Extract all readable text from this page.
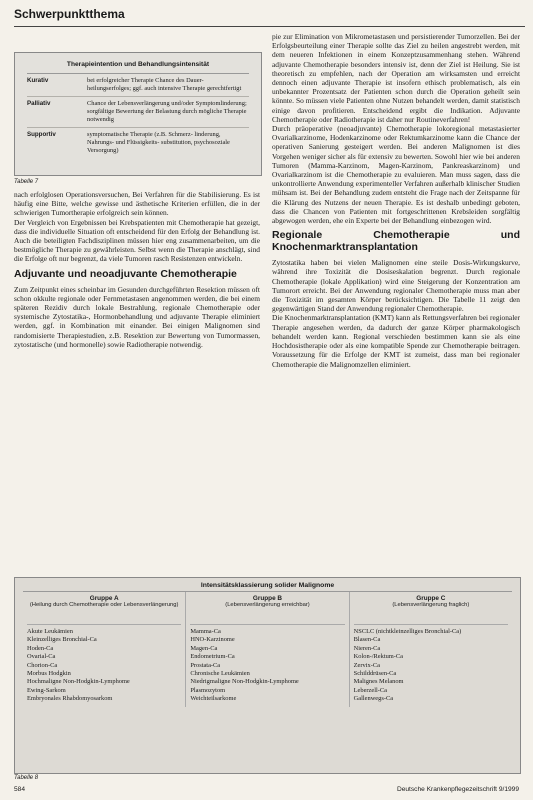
Schwerpunktthema
Therapieintention und Behandlungsintensität
Kurativ	bei erfolgreicher Therapie Chance des Dauer- heilungserfolges; ggf. auch intensive Therapie gerechtfertigt
Palliativ	Chance der Lebensverlängerung und/oder Symptomlinderung; sorgfältige Bewertung der Belastung durch mögliche Therapie notwendig
Supportiv	symptomatische Therapie (z.B. Schmerz- linderung, Nahrungs- und Flüssigkeits- substitution, psychosoziale Versorgung)
Tabelle 7

nach erfolglosen Operationsversuchen, Bei Verfahren für die Stabilisierung. Es ist häufig eine Bitte, welche gewisse und ästhetische Kriterien erfüllen, die in der schwierigen Tumortherapie erfolgreich sein können.

Der Vergleich von Ergebnissen bei Krebspatienten mit Chemotherapie hat gezeigt, dass die individuelle Situation oft entscheidend für den Erfolg der Behandlung ist. Auch die beteiligten Fachdisziplinen müssen hier eng zusammenarbeiten, um die bestmögliche Therapie zu gewährleisten. Selbst wenn die Therapie anschlägt, sind die Erfolge oft nur begrenzt, da viele Tumoren rasch Resistenzen entwickeln.

Adjuvante und neoadjuvante Chemotherapie

Zum Zeitpunkt eines scheinbar im Gesunden durchgeführten Resektion müssen oft schon okkulte regionale oder Fernmetastasen angenommen werden, die bei einem späteren Rezidiv durch lokale Bestrahlung, regionale Chemotherapie oder systemische Zytostatika-, Hormonbehandlung und adjuvante Therapie eliminiert werden, ggf. in Kombination mit einander. Bei einigen Malignomen sind randomisierte Therapiestudien, z.B. Resektion zur Bewertung von Tumormassen, zytostatische (und hormonelle) sowie Radiotherapie notwendig.

pie zur Elimination von Mikrometastasen und persistierender Tumorzellen. Bei der Erfolgsbeurteilung einer Therapie sollte das Ziel zu heilen angestrebt werden, mit dem neueren Infektionen in einem Konzeptzusammenhang stehen. Während adjuvante Chemotherapie besonders intensiv ist, denn der Ziel ist Heilung. Sie ist theoretisch zu empfehlen, nach der Operation am wirksamsten und erreicht dennoch einen adjuvante Therapie ist insofern ethisch problematisch, als ein unbekannter Prozentsatz der Patienten schon durch die Operation geheilt sein könnte. So müssen viele Patienten ohne Nutzen behandelt werden, damit statistisch einige davon profitieren. Entscheidend ergibt die Indikation. Adjuvante Chemotherapie oder Radiotherapie ist daher nur Routineverfahren!

Durch präoperative (neoadjuvante) Chemotherapie lokoregional metastasierter Ovarialkarzinome, Hodenkarzinome oder Rektumkarzinome kann die Chance der operativen Sanierung gesteigert werden. Bei anderen Malignomen ist dies Vorgehen weniger sicher als für extensiv zu bewerten. Sowohl hier wie bei anderen Tumoren (Mamma-Karzinom, Magen-Karzinom, Pankreaskarzinom) und Ovarialkarzinom ist die Chemotherapie zu evaluieren. Man muss sagen, dass die unkontrollierte Anwendung experimenteller Verfahren außerhalb klinischer Studien mühsam ist. Bei der Behandlung zudem entsteht die Frage nach der Zeitspanne für die Klärung des Nutzens der neuen Therapie. Es ist deshalb unbedingt geboten, dass die Chancen von Patienten mit fortgeschrittenen Krebsleiden sorgfältig abgewogen werden, ehe ein Experte bei der Behandlung einbezogen wird.

Regionale Chemotherapie und Knochenmarktransplantation

Zytostatika haben bei vielen Malignomen eine steile Dosis-Wirkungskurve, während ihre Toxizität die Dosiseskalation begrenzt. Durch regionale Chemotherapie (lokale Applikation) wird eine Steigerung der Konzentration am Tumorort erreicht. Bei der Anwendung regionaler Chemotherapie muss man aber die Toxizität im gesamten Körper berücksichtigen. Die Tabelle 11 zeigt den gegenwärtigen Stand der Anwendung regionaler Chemotherapie.

Die Knochenmarktransplantation (KMT) kann als Rettungsverfahren bei regionaler Therapie angesehen werden, da dadurch der ganze Körper pharmakologisch behandelt werden kann. Regional verschieden bestimmen kann sie als eine Hochdosistherapie oder als eine kompatible Spende zur Chemotherapie beitragen. Voraussetzung für die Erfolge der KMT ist zumeist, dass man bei regionaler Chemotherapie die Malignomzellen eliminiert.

Intensitätsklassierung solider Malignome
Gruppe A
(Heilung durch Chemotherapie oder Lebensverlängerung)
Akute Leukämien
Kleinzelliges Bronchial-Ca
Hoden-Ca
Ovarial-Ca
Chorion-Ca
Morbus Hodgkin
Hochmaligne Non-Hodgkin-Lymphome
Ewing-Sarkom
Embryonales Rhabdomyosarkom
Gruppe B
(Lebensverlängerung erreichbar)
Mamma-Ca
HNO-Karzinome
Magen-Ca
Endometrium-Ca
Prostata-Ca
Chronische Leukämien
Niedrigmaligne Non-Hodgkin-Lymphome
Plasmozytom
Weichteilsarkome
Gruppe C
(Lebensverlängerung fraglich)
NSCLC (nichtkleinzelliges Bronchial-Ca)
Blasen-Ca
Nieren-Ca
Kolon-/Rektum-Ca
Zervix-Ca
Schilddrüsen-Ca
Malignes Melanom
Leberzell-Ca
Gallenwegs-Ca
Tabelle 8
584	Deutsche Krankenpflegezeitschrift 9/1999
